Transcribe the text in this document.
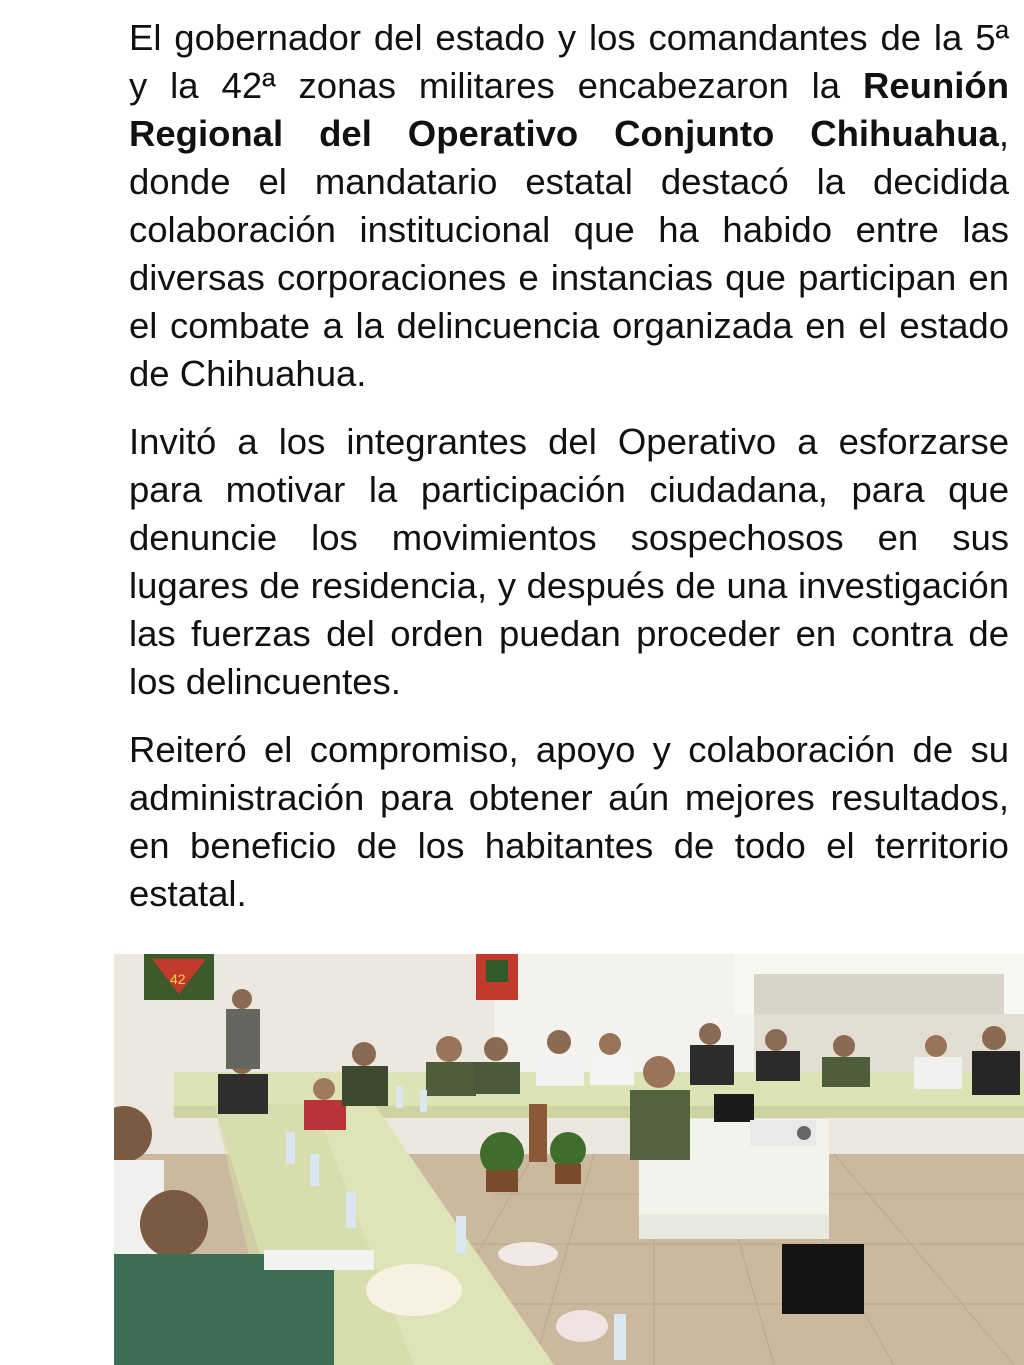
El gobernador del estado y los comandantes de la 5ª y la 42ª zonas militares encabezaron la Reunión Regional del Operativo Conjunto Chihuahua, donde el mandatario estatal destacó la decidida colaboración institucional que ha habido entre las diversas corporaciones e instancias que participan en el combate a la delincuencia organizada en el estado de Chihuahua.

Invitó a los integrantes del Operativo a esforzarse para motivar la participación ciudadana, para que denuncie los movimientos sospechosos en sus lugares de residencia, y después de una investigación las fuerzas del orden puedan proceder en contra de los delincuentes.

Reiteró el compromiso, apoyo y colaboración de su administración para obtener aún mejores resultados, en beneficio de los habitantes de todo el territorio estatal.

42
